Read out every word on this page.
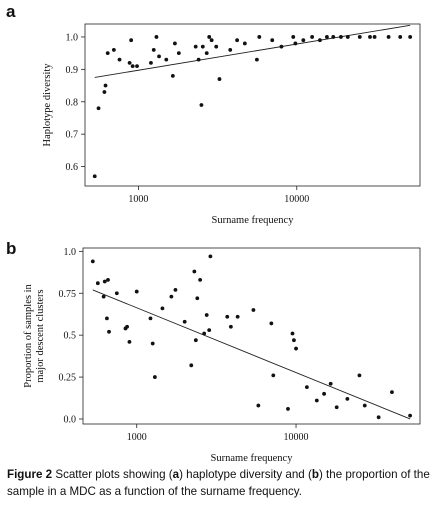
a
b
0.6
0.7
0.8
0.9
1.0
1000	10000
Surname frequency
Haplotype diversity
0.0
0.25
0.5
0.75
1.0
1000	10000
Surname frequency
Proportion of samples inmajor descent clusters
Figure 2 Scatter plots showing (a) haplotype diversity and (b) the proportion of the sample in a MDC as a function of the surname frequency.
